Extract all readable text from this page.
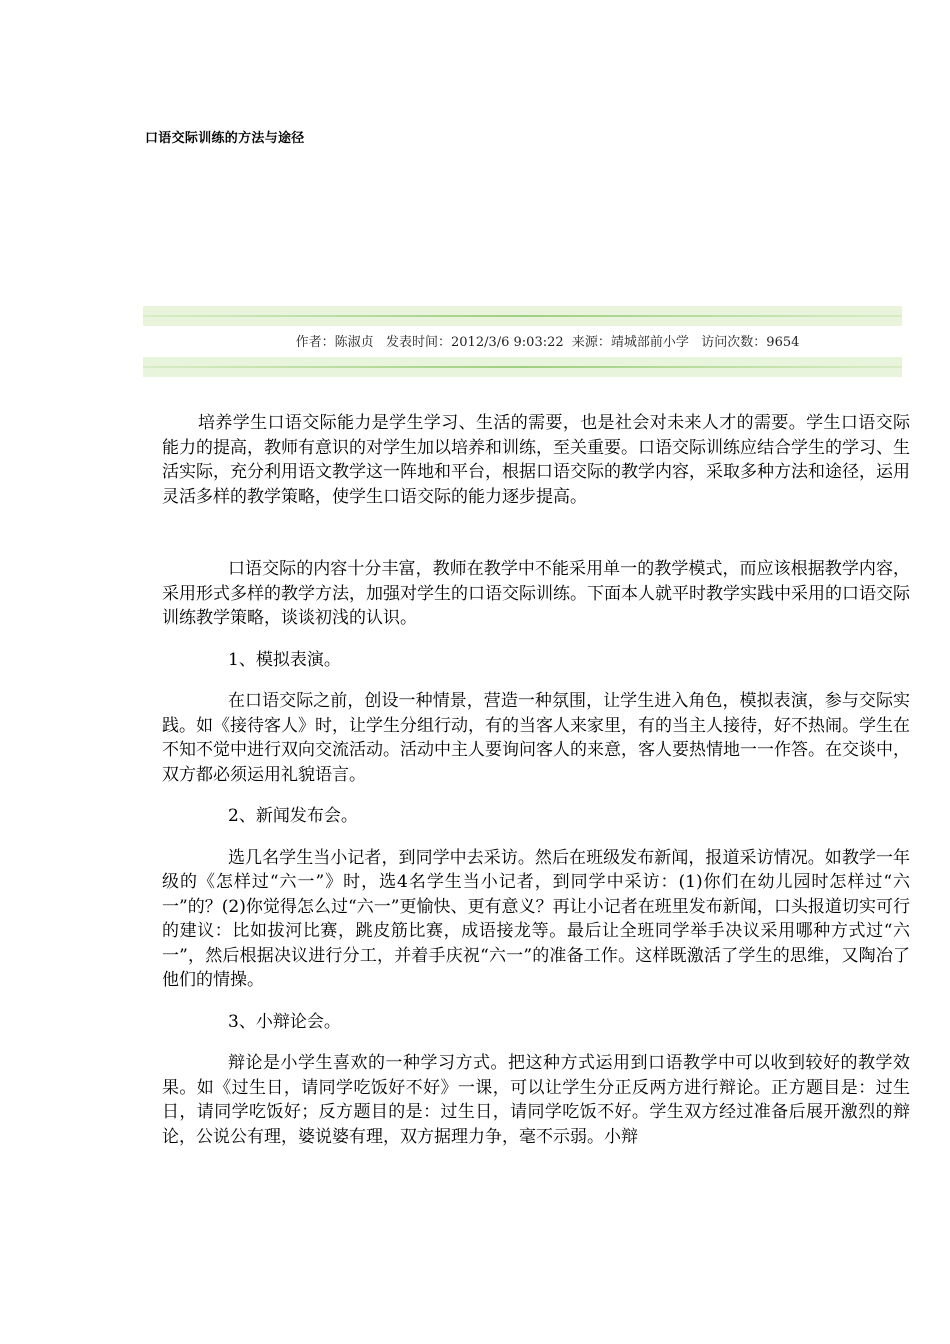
口语交际训练的方法与途径
作者：陈淑贞   发表时间：2012/3/6 9:03:22  来源：靖城部前小学   访问次数：9654

培养学生口语交际能力是学生学习、生活的需要，也是社会对未来人才的需要。学生口语交际能力的提高，教师有意识的对学生加以培养和训练，至关重要。口语交际训练应结合学生的学习、生活实际，充分利用语文教学这一阵地和平台，根据口语交际的教学内容，采取多种方法和途径，运用灵活多样的教学策略，使学生口语交际的能力逐步提高。

口语交际的内容十分丰富，教师在教学中不能采用单一的教学模式，而应该根据教学内容，采用形式多样的教学方法，加强对学生的口语交际训练。下面本人就平时教学实践中采用的口语交际训练教学策略，谈谈初浅的认识。

1、模拟表演。

在口语交际之前，创设一种情景，营造一种氛围，让学生进入角色，模拟表演，参与交际实践。如《接待客人》时，让学生分组行动，有的当客人来家里，有的当主人接待，好不热闹。学生在不知不觉中进行双向交流活动。活动中主人要询问客人的来意，客人要热情地一一作答。在交谈中，双方都必须运用礼貌语言。

2、新闻发布会。

选几名学生当小记者，到同学中去采访。然后在班级发布新闻，报道采访情况。如教学一年级的《怎样过“六一”》时，选4名学生当小记者，到同学中采访：(1)你们在幼儿园时怎样过“六一”的？(2)你觉得怎么过“六一”更愉快、更有意义？再让小记者在班里发布新闻，口头报道切实可行的建议：比如拔河比赛，跳皮筋比赛，成语接龙等。最后让全班同学举手决议采用哪种方式过“六一”，然后根据决议进行分工，并着手庆祝“六一”的准备工作。这样既激活了学生的思维，又陶冶了他们的情操。

3、小辩论会。

辩论是小学生喜欢的一种学习方式。把这种方式运用到口语教学中可以收到较好的教学效果。如《过生日，请同学吃饭好不好》一课，可以让学生分正反两方进行辩论。正方题目是：过生日，请同学吃饭好；反方题目的是：过生日，请同学吃饭不好。学生双方经过准备后展开激烈的辩论，公说公有理，婆说婆有理，双方据理力争，毫不示弱。小辩
